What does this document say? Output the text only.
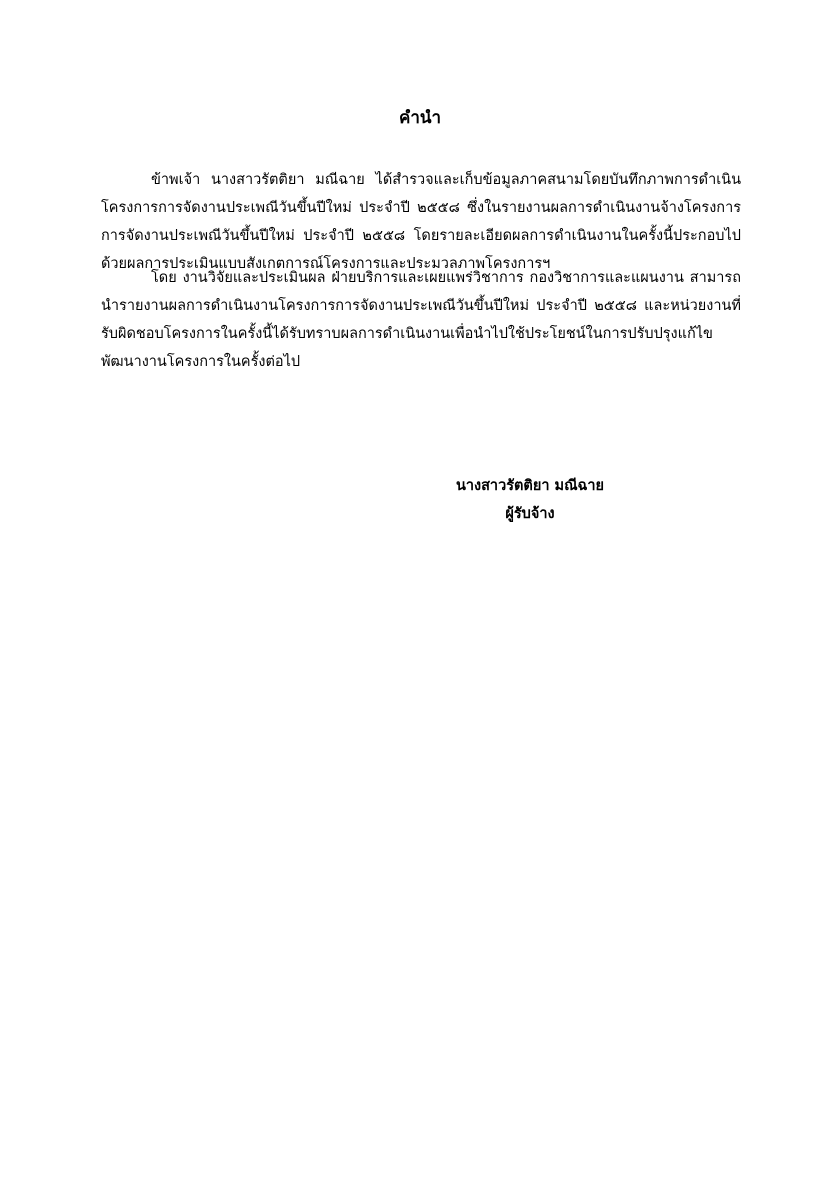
คำนำ

ข้าพเจ้า นางสาวรัตติยา มณีฉาย ได้สำรวจและเก็บข้อมูลภาคสนามโดยบันทึกภาพการดำเนินโครงการการจัดงานประเพณีวันขึ้นปีใหม่ ประจำปี ๒๕๕๘ ซึ่งในรายงานผลการดำเนินงานจ้างโครงการการจัดงานประเพณีวันขึ้นปีใหม่ ประจำปี ๒๕๕๘ โดยรายละเอียดผลการดำเนินงานในครั้งนี้ประกอบไปด้วยผลการประเมินแบบสังเกตการณ์โครงการและประมวลภาพโครงการฯ

โดย งานวิจัยและประเมินผล ฝ่ายบริการและเผยแพร่วิชาการ กองวิชาการและแผนงาน สามารถนำรายงานผลการดำเนินงานโครงการการจัดงานประเพณีวันขึ้นปีใหม่ ประจำปี ๒๕๕๘ และหน่วยงานที่รับผิดชอบโครงการในครั้งนี้ได้รับทราบผลการดำเนินงานเพื่อนำไปใช้ประโยชน์ในการปรับปรุงแก้ไขพัฒนางานโครงการในครั้งต่อไป

นางสาวรัตติยา มณีฉาย
ผู้รับจ้าง
